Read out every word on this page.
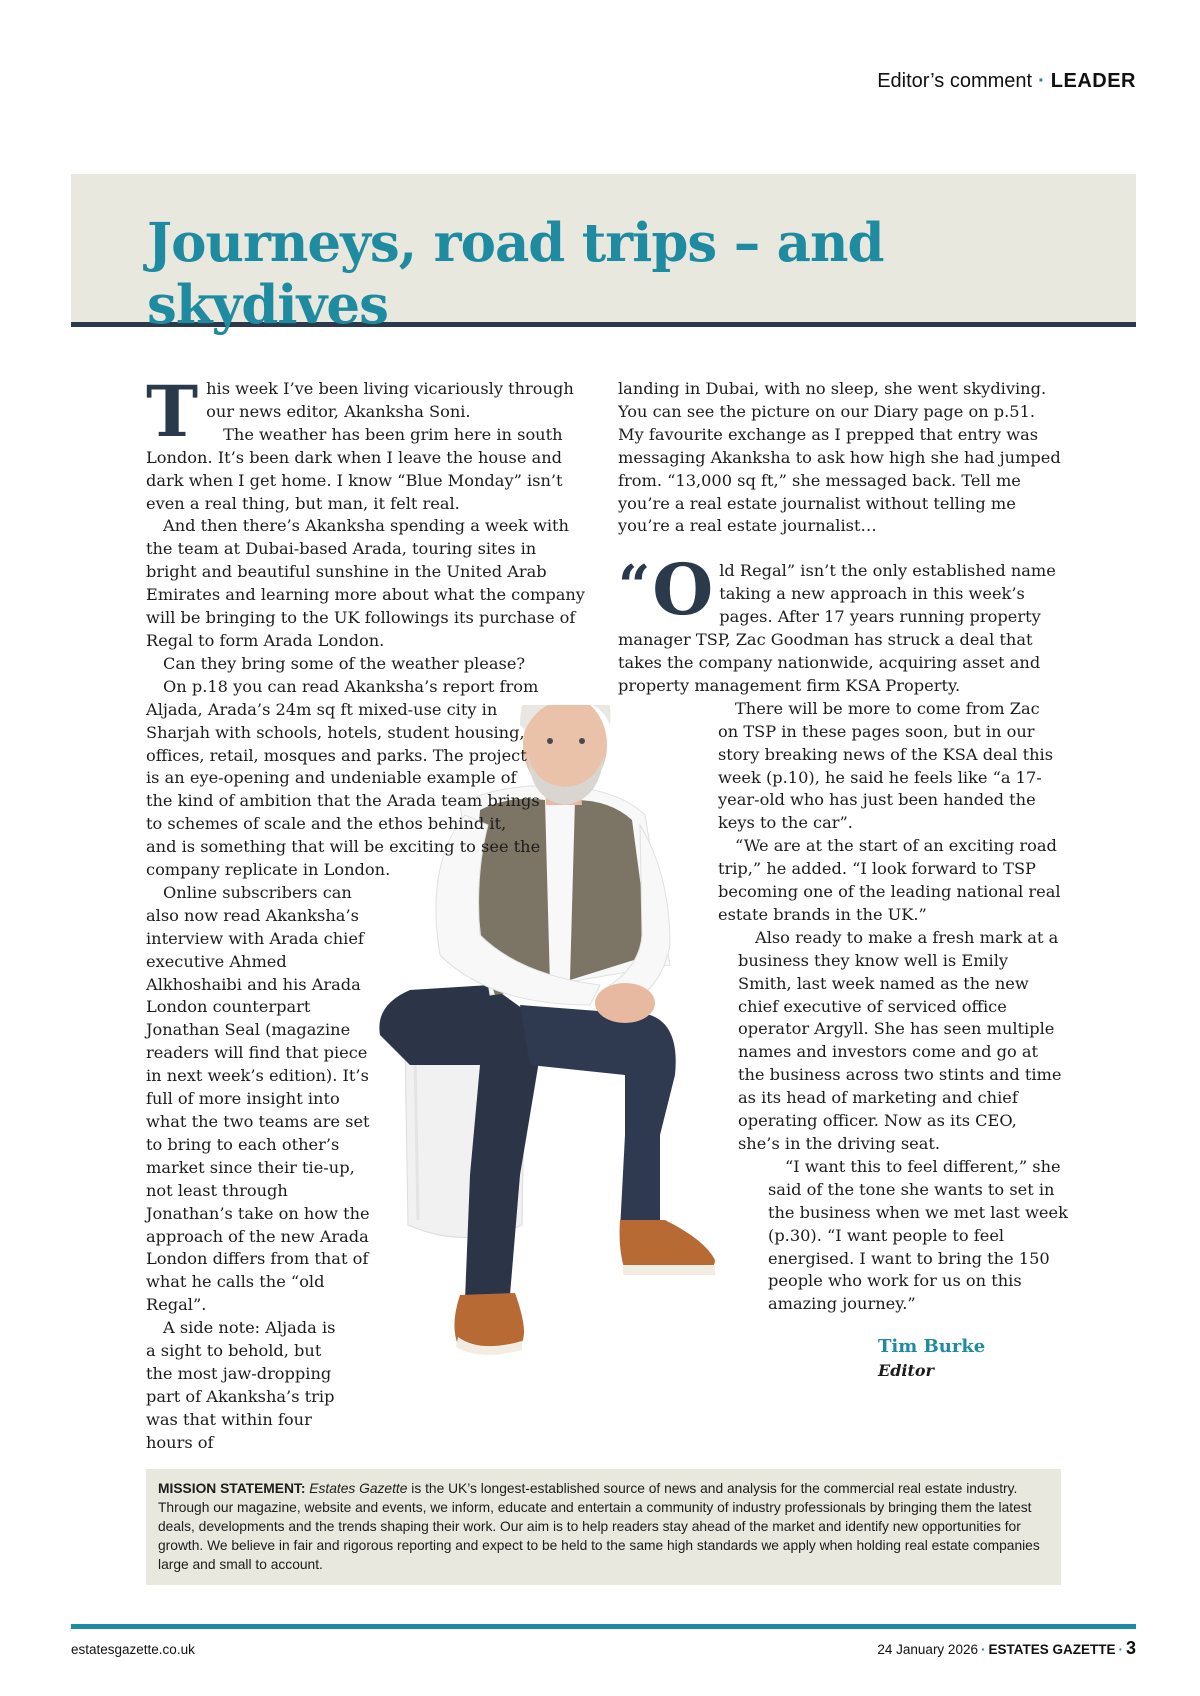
Editor’s comment · LEADER
Journeys, road trips – and skydives

This week I’ve been living vicariously through our news editor, Akanksha Soni.

The weather has been grim here in south London. It’s been dark when I leave the house and dark when I get home. I know “Blue Monday” isn’t even a real thing, but man, it felt real.

And then there’s Akanksha spending a week with the team at Dubai-based Arada, touring sites in bright and beautiful sunshine in the United Arab Emirates and learning more about what the company will be bringing to the UK followings its purchase of Regal to form Arada London.

Can they bring some of the weather please?

On p.18 you can read Akanksha’s report from Aljada, Arada’s 24m sq ft mixed-use city in Sharjah with schools, hotels, student housing, offices, retail, mosques and parks. The project is an eye-opening and undeniable example of the kind of ambition that the Arada team brings to schemes of scale and the ethos behind it, and is something that will be exciting to see the company replicate in London.

Online subscribers can also now read Akanksha’s interview with Arada chief executive Ahmed Alkhoshaibi and his Arada London counterpart Jonathan Seal (magazine readers will find that piece in next week’s edition). It’s full of more insight into what the two teams are set to bring to each other’s market since their tie-up, not least through Jonathan’s take on how the approach of the new Arada London differs from that of what he calls the “old Regal”.

A side note: Aljada is a sight to behold, but the most jaw-dropping part of Akanksha’s trip was that within four hours of

landing in Dubai, with no sleep, she went skydiving. You can see the picture on our Diary page on p.51. My favourite exchange as I prepped that entry was messaging Akanksha to ask how high she had jumped from. “13,000 sq ft,” she messaged back. Tell me you’re a real estate journalist without telling me you’re a real estate journalist…

“ O ld Regal” isn’t the only established name taking a new approach in this week’s pages. After 17 years running property manager TSP, Zac Goodman has struck a deal that takes the company nationwide, acquiring asset and property management firm KSA Property.

There will be more to come from Zac on TSP in these pages soon, but in our story breaking news of the KSA deal this week (p.10), he said he feels like “a 17-year-old who has just been handed the keys to the car”.

“We are at the start of an exciting road trip,” he added. “I look forward to TSP becoming one of the leading national real estate brands in the UK.”

Also ready to make a fresh mark at a business they know well is Emily Smith, last week named as the new chief executive of serviced office operator Argyll. She has seen multiple names and investors come and go at the business across two stints and time as its head of marketing and chief operating officer. Now as its CEO, she’s in the driving seat.

“I want this to feel different,” she said of the tone she wants to set in the business when we met last week (p.30). “I want people to feel energised. I want to bring the 150 people who work for us on this amazing journey.”

Tim Burke
Editor
MISSION STATEMENT: Estates Gazette is the UK’s longest-established source of news and analysis for the commercial real estate industry. Through our magazine, website and events, we inform, educate and entertain a community of industry professionals by bringing them the latest deals, developments and the trends shaping their work. Our aim is to help readers stay ahead of the market and identify new opportunities for growth. We believe in fair and rigorous reporting and expect to be held to the same high standards we apply when holding real estate companies large and small to account.
estatesgazette.co.uk	24 January 2026 · ESTATES GAZETTE · 3
